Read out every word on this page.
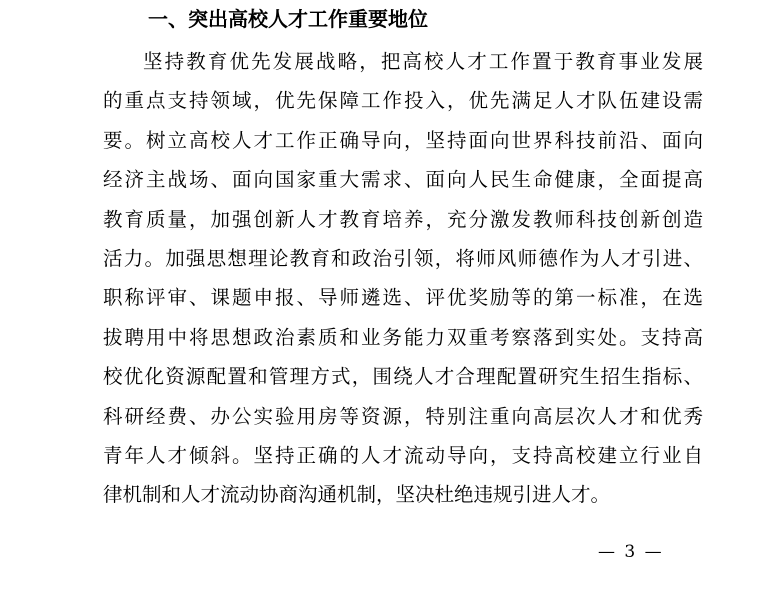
一、突出高校人才工作重要地位
坚持教育优先发展战略，把高校人才工作置于教育事业发展
的重点支持领域，优先保障工作投入，优先满足人才队伍建设需
要。树立高校人才工作正确导向，坚持面向世界科技前沿、面向
经济主战场、面向国家重大需求、面向人民生命健康，全面提高
教育质量，加强创新人才教育培养，充分激发教师科技创新创造
活力。加强思想理论教育和政治引领，将师风师德作为人才引进、
职称评审、课题申报、导师遴选、评优奖励等的第一标准，在选
拔聘用中将思想政治素质和业务能力双重考察落到实处。支持高
校优化资源配置和管理方式，围绕人才合理配置研究生招生指标、
科研经费、办公实验用房等资源，特别注重向高层次人才和优秀
青年人才倾斜。坚持正确的人才流动导向，支持高校建立行业自
律机制和人才流动协商沟通机制，坚决杜绝违规引进人才。
— 3 —
